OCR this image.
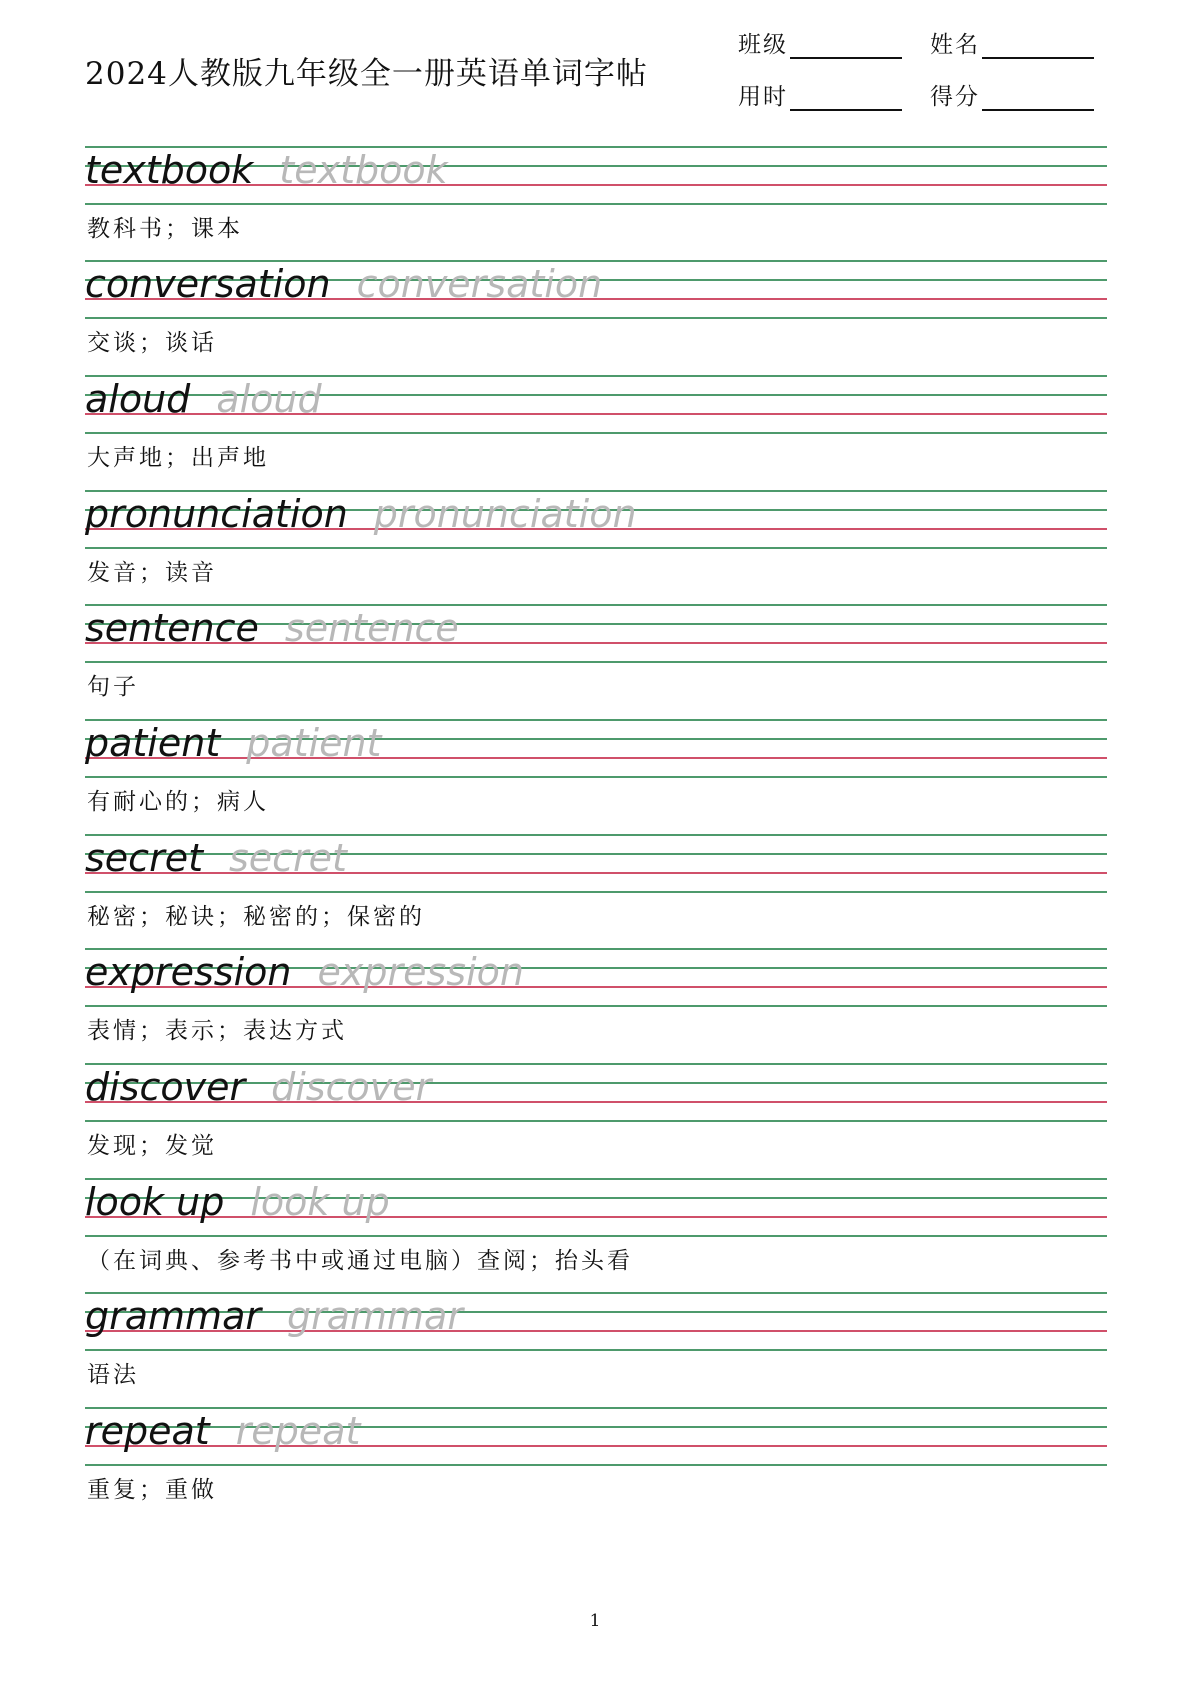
2024人教版九年级全一册英语单词字帖
班级	姓名
用时	得分
textbook textbook
教科书；课本
conversation conversation
交谈；谈话
aloud aloud
大声地；出声地
pronunciation pronunciation
发音；读音
sentence sentence
句子
patient patient
有耐心的；病人
secret secret
秘密；秘诀；秘密的；保密的
expression expression
表情；表示；表达方式
discover discover
发现；发觉
look up look up
（在词典、参考书中或通过电脑）查阅；抬头看
grammar grammar
语法
repeat repeat
重复；重做
1
